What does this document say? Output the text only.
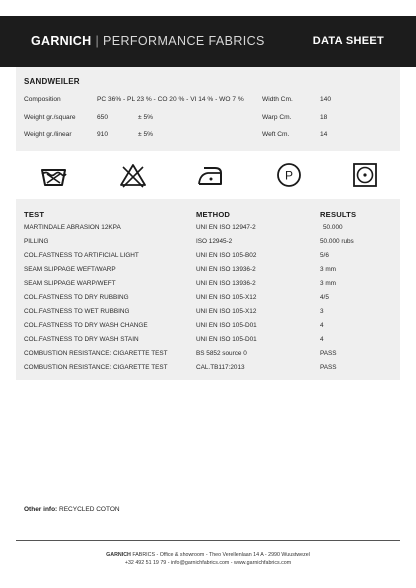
GARNICH | PERFORMANCE FABRICS	DATA SHEET
SANDWEILER
Composition	PC 36% - PL 23 % - CO 20 % - VI 14 % - WO 7 %	Width Cm.	140
Weight gr./square	650	± 5%	Warp Cm.	18
Weight gr./linear	910	± 5%	Weft Cm.	14
P
TEST	METHOD	RESULTS
MARTINDALE ABRASION 12KPA	UNI EN ISO 12947-2	50.000
PILLING	ISO 12945-2	50.000 rubs
COL.FASTNESS TO ARTIFICIAL LIGHT	UNI EN ISO 105-B02	5/6
SEAM SLIPPAGE WEFT/WARP	UNI EN ISO 13936-2	3 mm
SEAM SLIPPAGE WARP/WEFT	UNI EN ISO 13936-2	3 mm
COL.FASTNESS TO DRY RUBBING	UNI EN ISO 105-X12	4/5
COL.FASTNESS TO WET RUBBING	UNI EN ISO 105-X12	3
COL.FASTNESS TO DRY WASH CHANGE	UNI EN ISO 105-D01	4
COL.FASTNESS TO DRY WASH STAIN	UNI EN ISO 105-D01	4
COMBUSTION RESISTANCE: CIGARETTE TEST	BS 5852 source 0	PASS
COMBUSTION RESISTANCE: CIGARETTE TEST	CAL.TB117:2013	PASS
Other info: RECYCLED COTON
GARNICH FABRICS - Office & showroom - Theo Verellenlaan 14 A - 2990 Wuustwezel
+32 492 51 19 79 - info@garnichfabrics.com - www.garnichfabrics.com
